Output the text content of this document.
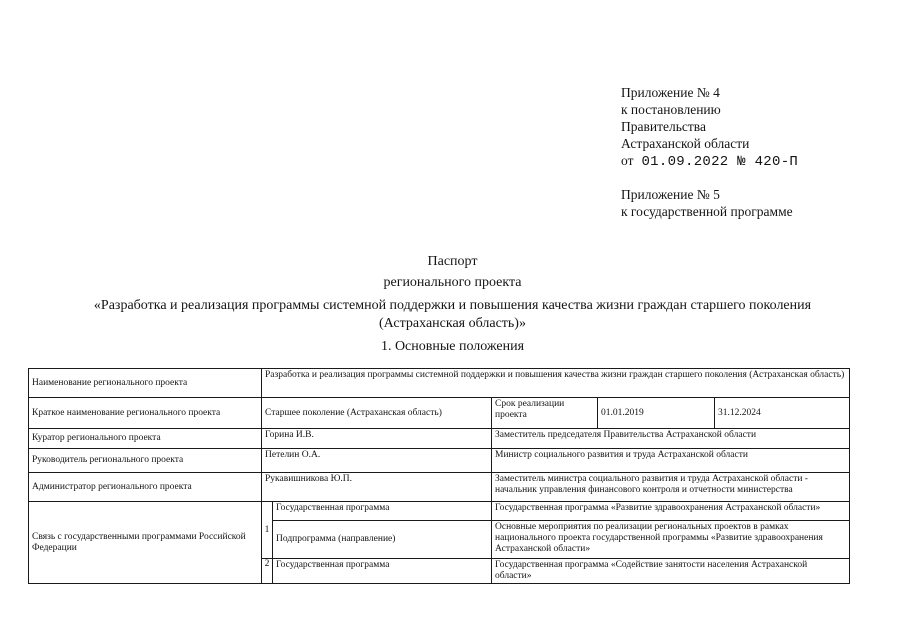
Приложение № 4
к постановлению
Правительства
Астраханской области
от 01.09.2022 № 420-П
Приложение № 5
к государственной программе
Паспорт
регионального проекта
«Разработка и реализация программы системной поддержки и повышения качества жизни граждан старшего поколения
(Астраханская область)»
1. Основные положения
Наименование регионального проекта	Разработка и реализация программы системной поддержки и повышения качества жизни граждан старшего поколения (Астраханская область)				
Краткое наименование регионального проекта	Старшее поколение (Астраханская область)		Срок реализации проекта	01.01.2019	31.12.2024
Куратор регионального проекта	Горина И.В.		Заместитель председателя Правительства Астраханской области		
Руководитель регионального проекта	Петелин О.А.		Министр социального развития и труда Астраханской области		
Администратор регионального проекта	Рукавишникова Ю.П.		Заместитель министра социального развития и труда Астраханской области - начальник управления финансового контроля и отчетности министерства		
Связь с государственными программами Российской Федерации	1	Государственная программа	Государственная программа «Развитие здравоохранения Астраханской области»		
		Подпрограмма (направление)	Основные мероприятия по реализации региональных проектов в рамках национального проекта государственной программы «Развитие здравоохранения Астраханской области»		
	2	Государственная программа	Государственная программа «Содействие занятости населения Астраханской области»		
